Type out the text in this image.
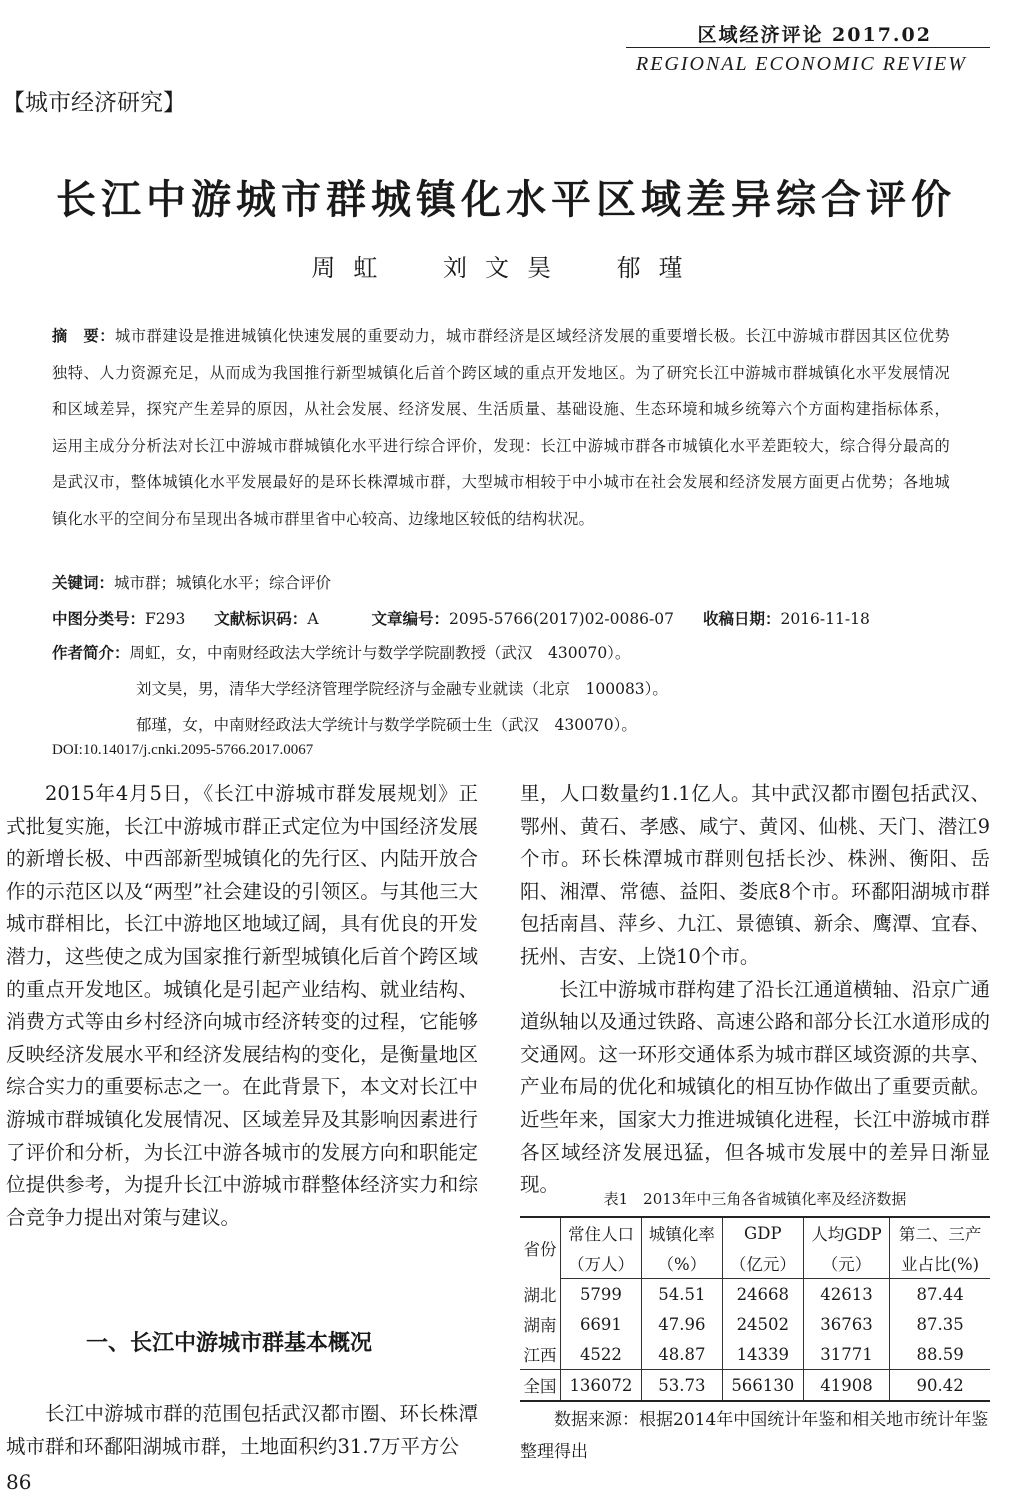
区域经济评论 2017.02
REGIONAL ECONOMIC REVIEW
【城市经济研究】
长江中游城市群城镇化水平区域差异综合评价
周虹 刘文昊 郁瑾
摘　要：城市群建设是推进城镇化快速发展的重要动力，城市群经济是区域经济发展的重要增长极。长江中游城市群因其区位优势独特、人力资源充足，从而成为我国推行新型城镇化后首个跨区域的重点开发地区。为了研究长江中游城市群城镇化水平发展情况和区域差异，探究产生差异的原因，从社会发展、经济发展、生活质量、基础设施、生态环境和城乡统筹六个方面构建指标体系，运用主成分分析法对长江中游城市群城镇化水平进行综合评价，发现：长江中游城市群各市城镇化水平差距较大，综合得分最高的是武汉市，整体城镇化水平发展最好的是环长株潭城市群，大型城市相较于中小城市在社会发展和经济发展方面更占优势；各地城镇化水平的空间分布呈现出各城市群里省中心较高、边缘地区较低的结构状况。
关键词：城市群；城镇化水平；综合评价
中图分类号：F293 文献标识码：A	文章编号：2095-5766(2017)02-0086-07 收稿日期：2016-11-18
作者简介：周虹，女，中南财经政法大学统计与数学学院副教授（武汉　430070）。
刘文昊，男，清华大学经济管理学院经济与金融专业就读（北京　100083）。
郁瑾，女，中南财经政法大学统计与数学学院硕士生（武汉　430070）。
DOI:10.14017/j.cnki.2095-5766.2017.0067

2015年4月5日，《长江中游城市群发展规划》正式批复实施，长江中游城市群正式定位为中国经济发展的新增长极、中西部新型城镇化的先行区、内陆开放合作的示范区以及“两型”社会建设的引领区。与其他三大城市群相比，长江中游地区地域辽阔，具有优良的开发潜力，这些使之成为国家推行新型城镇化后首个跨区域的重点开发地区。城镇化是引起产业结构、就业结构、消费方式等由乡村经济向城市经济转变的过程，它能够反映经济发展水平和经济发展结构的变化，是衡量地区综合实力的重要标志之一。在此背景下，本文对长江中游城市群城镇化发展情况、区域差异及其影响因素进行了评价和分析，为长江中游各城市的发展方向和职能定位提供参考，为提升长江中游城市群整体经济实力和综合竞争力提出对策与建议。

一、长江中游城市群基本概况

长江中游城市群的范围包括武汉都市圈、环长株潭城市群和环鄱阳湖城市群，土地面积约31.7万平方公

里，人口数量约1.1亿人。其中武汉都市圈包括武汉、鄂州、黄石、孝感、咸宁、黄冈、仙桃、天门、潜江9个市。环长株潭城市群则包括长沙、株洲、衡阳、岳阳、湘潭、常德、益阳、娄底8个市。环鄱阳湖城市群包括南昌、萍乡、九江、景德镇、新余、鹰潭、宜春、抚州、吉安、上饶10个市。

长江中游城市群构建了沿长江通道横轴、沿京广通道纵轴以及通过铁路、高速公路和部分长江水道形成的交通网。这一环形交通体系为城市群区域资源的共享、产业布局的优化和城镇化的相互协作做出了重要贡献。近些年来，国家大力推进城镇化进程，长江中游城市群各区域经济发展迅猛，但各城市发展中的差异日渐显现。

表1　2013年中三角各省城镇化率及经济数据
省份	常住人口	城镇化率	GDP	人均GDP	第二、三产
	（万人）	（%）	（亿元）	（元）	业占比(%)
湖北	5799	54.51	24668	42613	87.44
湖南	6691	47.96	24502	36763	87.35
江西	4522	48.87	14339	31771	88.59
全国	136072	53.73	566130	41908	90.42
数据来源：根据2014年中国统计年鉴和相关地市统计年鉴整理得出
86
